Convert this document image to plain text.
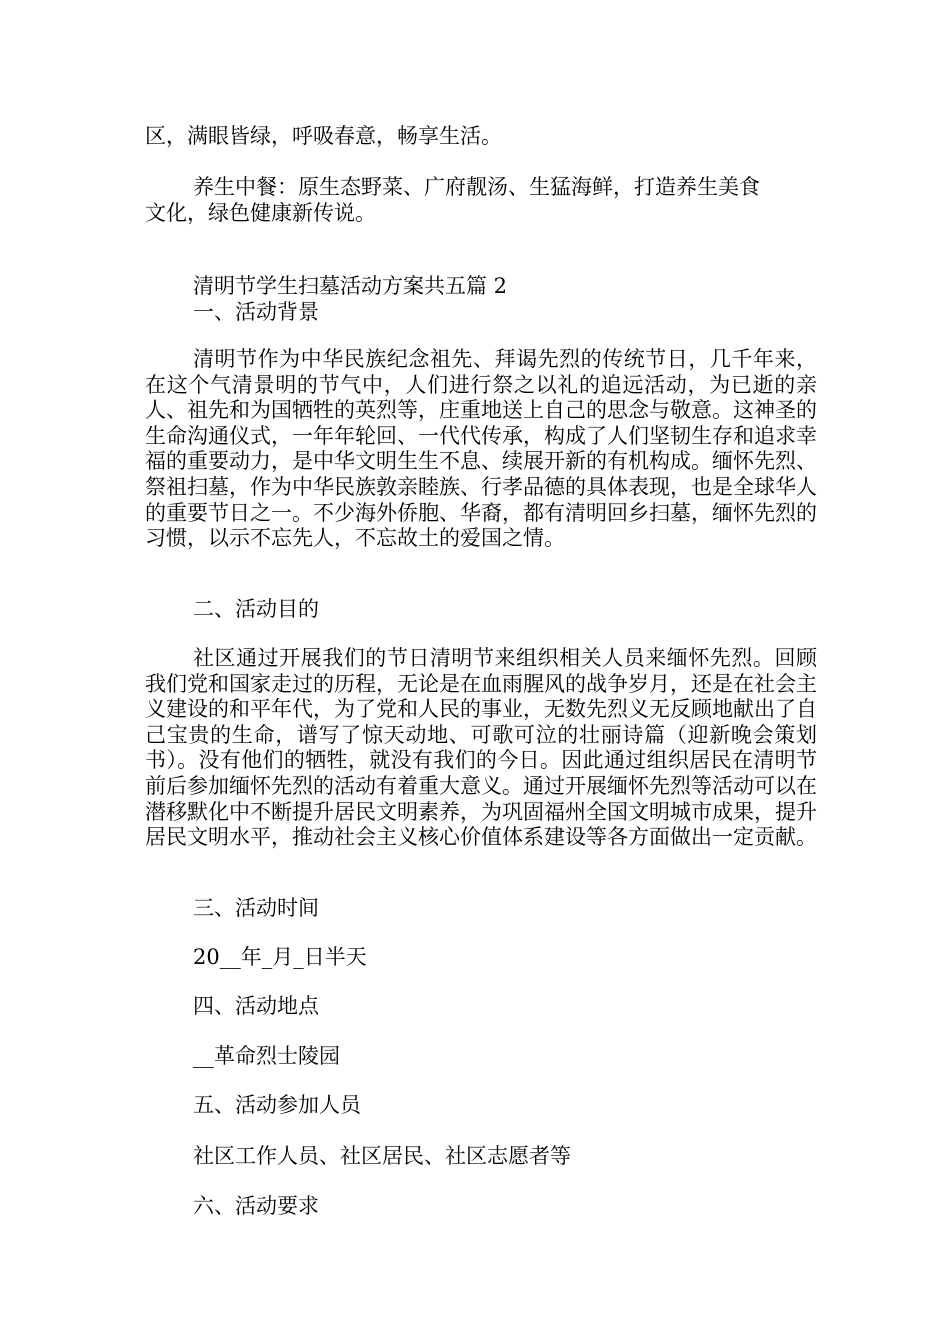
区，满眼皆绿，呼吸春意，畅享生活。
养生中餐：原生态野菜、广府靓汤、生猛海鲜，打造养生美食
文化，绿色健康新传说。
清明节学生扫墓活动方案共五篇 2
一、活动背景
清明节作为中华民族纪念祖先、拜谒先烈的传统节日，几千年来，在这个气清景明的节气中，人们进行祭之以礼的追远活动，为已逝的亲人、祖先和为国牺牲的英烈等，庄重地送上自己的思念与敬意。这神圣的生命沟通仪式，一年年轮回、一代代传承，构成了人们坚韧生存和追求幸福的重要动力，是中华文明生生不息、续展开新的有机构成。缅怀先烈、祭祖扫墓，作为中华民族敦亲睦族、行孝品德的具体表现，也是全球华人的重要节日之一。不少海外侨胞、华裔，都有清明回乡扫墓，缅怀先烈的习惯，以示不忘先人，不忘故土的爱国之情。
二、活动目的
社区通过开展我们的节日清明节来组织相关人员来缅怀先烈。回顾我们党和国家走过的历程，无论是在血雨腥风的战争岁月，还是在社会主义建设的和平年代，为了党和人民的事业，无数先烈义无反顾地献出了自己宝贵的生命，谱写了惊天动地、可歌可泣的壮丽诗篇（迎新晚会策划书）。没有他们的牺牲，就没有我们的今日。因此通过组织居民在清明节前后参加缅怀先烈的活动有着重大意义。通过开展缅怀先烈等活动可以在潜移默化中不断提升居民文明素养，为巩固福州全国文明城市成果，提升居民文明水平，推动社会主义核心价值体系建设等各方面做出一定贡献。
三、活动时间
20__年_月_日半天
四、活动地点
__革命烈士陵园
五、活动参加人员
社区工作人员、社区居民、社区志愿者等
六、活动要求
